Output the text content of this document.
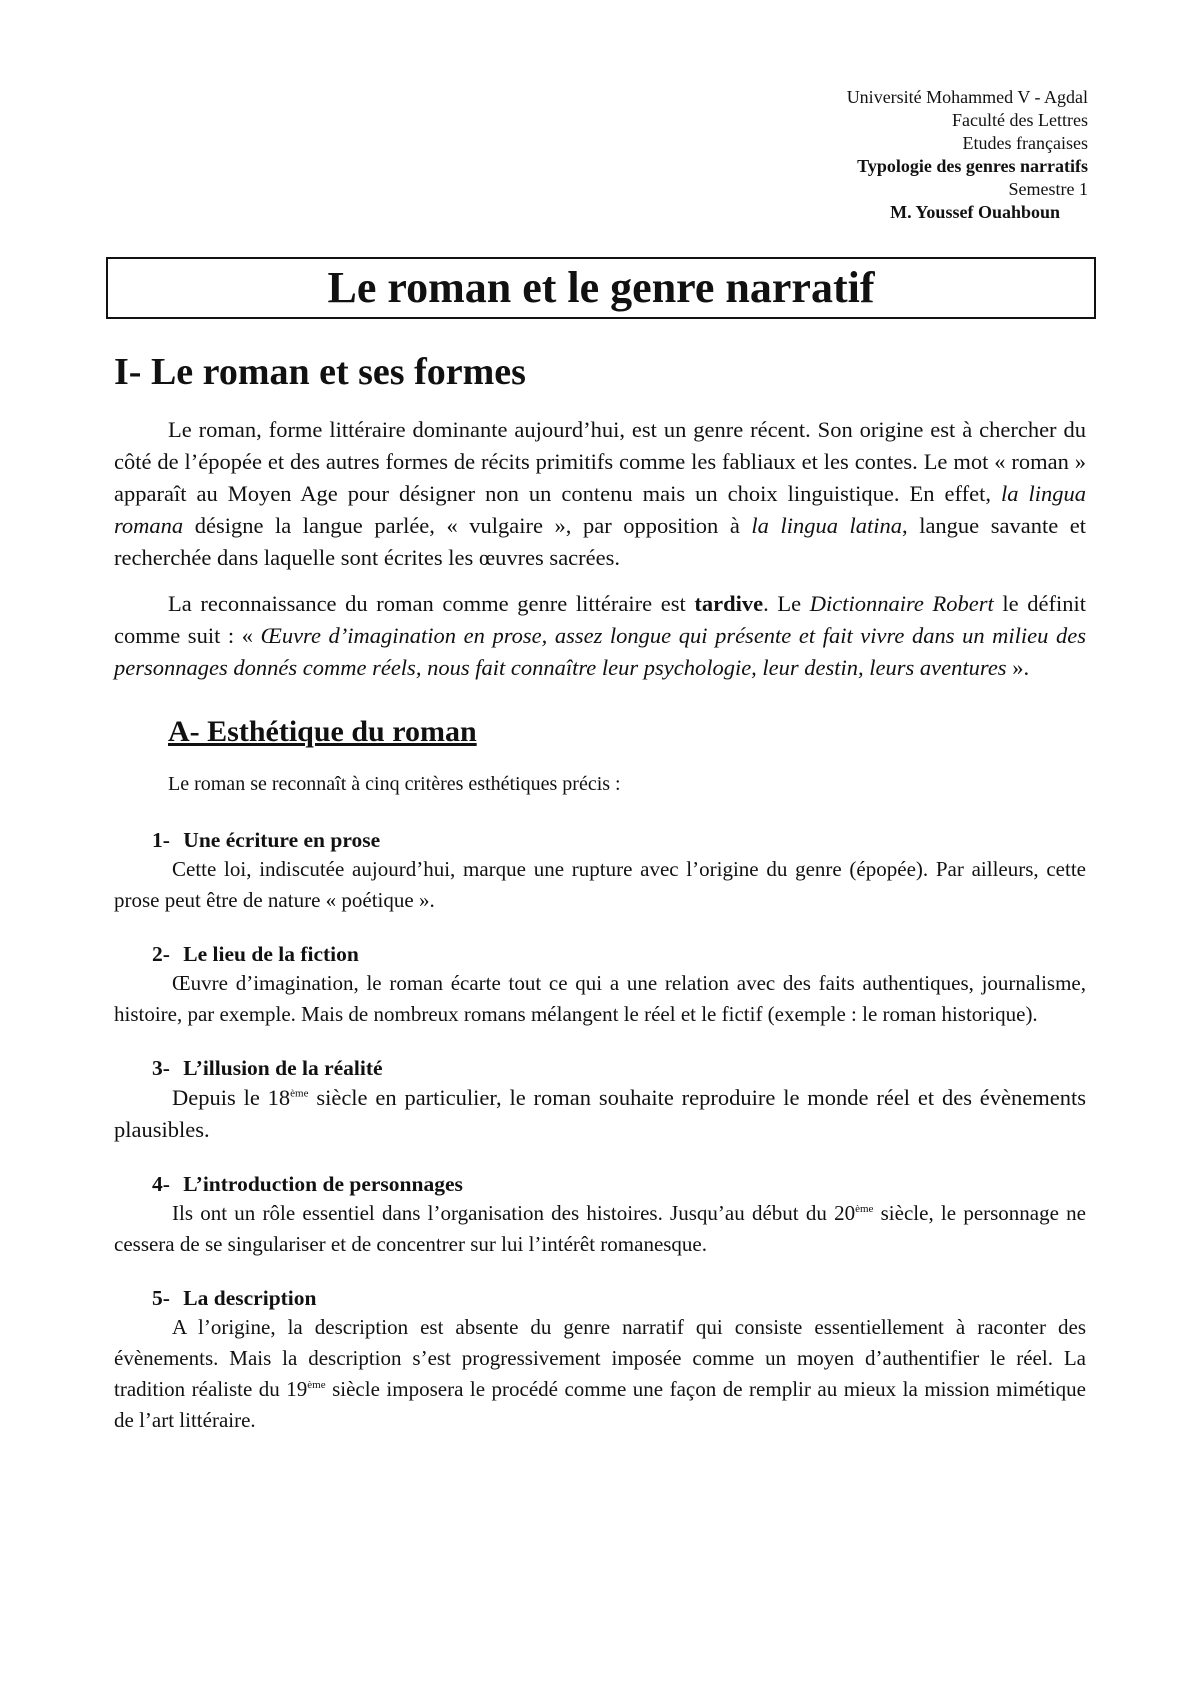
Université Mohammed V - Agdal
Faculté des Lettres
Etudes françaises
Typologie des genres narratifs
Semestre 1
M. Youssef Ouahboun
Le roman et le genre narratif
I- Le roman et ses formes

Le roman, forme littéraire dominante aujourd’hui, est un genre récent. Son origine est à chercher du côté de l’épopée et des autres formes de récits primitifs comme les fabliaux et les contes. Le mot « roman » apparaît au Moyen Age pour désigner non un contenu mais un choix linguistique. En effet, la lingua romana désigne la langue parlée, « vulgaire », par opposition à la lingua latina, langue savante et recherchée dans laquelle sont écrites les œuvres sacrées.

La reconnaissance du roman comme genre littéraire est tardive. Le Dictionnaire Robert le définit comme suit : « Œuvre d’imagination en prose, assez longue qui présente et fait vivre dans un milieu des personnages donnés comme réels, nous fait connaître leur psychologie, leur destin, leurs aventures ».

A- Esthétique du roman

Le roman se reconnaît à cinq critères esthétiques précis :

1- Une écriture en prose

Cette loi, indiscutée aujourd’hui, marque une rupture avec l’origine du genre (épopée). Par ailleurs, cette prose peut être de nature « poétique ».

2- Le lieu de la fiction

Œuvre d’imagination, le roman écarte tout ce qui a une relation avec des faits authentiques, journalisme, histoire, par exemple. Mais de nombreux romans mélangent le réel et le fictif (exemple : le roman historique).

3- L’illusion de la réalité

Depuis le 18ème siècle en particulier, le roman souhaite reproduire le monde réel et des évènements plausibles.

4- L’introduction de personnages

Ils ont un rôle essentiel dans l’organisation des histoires. Jusqu’au début du 20ème siècle, le personnage ne cessera de se singulariser et de concentrer sur lui l’intérêt romanesque.

5- La description

A l’origine, la description est absente du genre narratif qui consiste essentiellement à raconter des évènements. Mais la description s’est progressivement imposée comme un moyen d’authentifier le réel. La tradition réaliste du 19ème siècle imposera le procédé comme une façon de remplir au mieux la mission mimétique de l’art littéraire.
